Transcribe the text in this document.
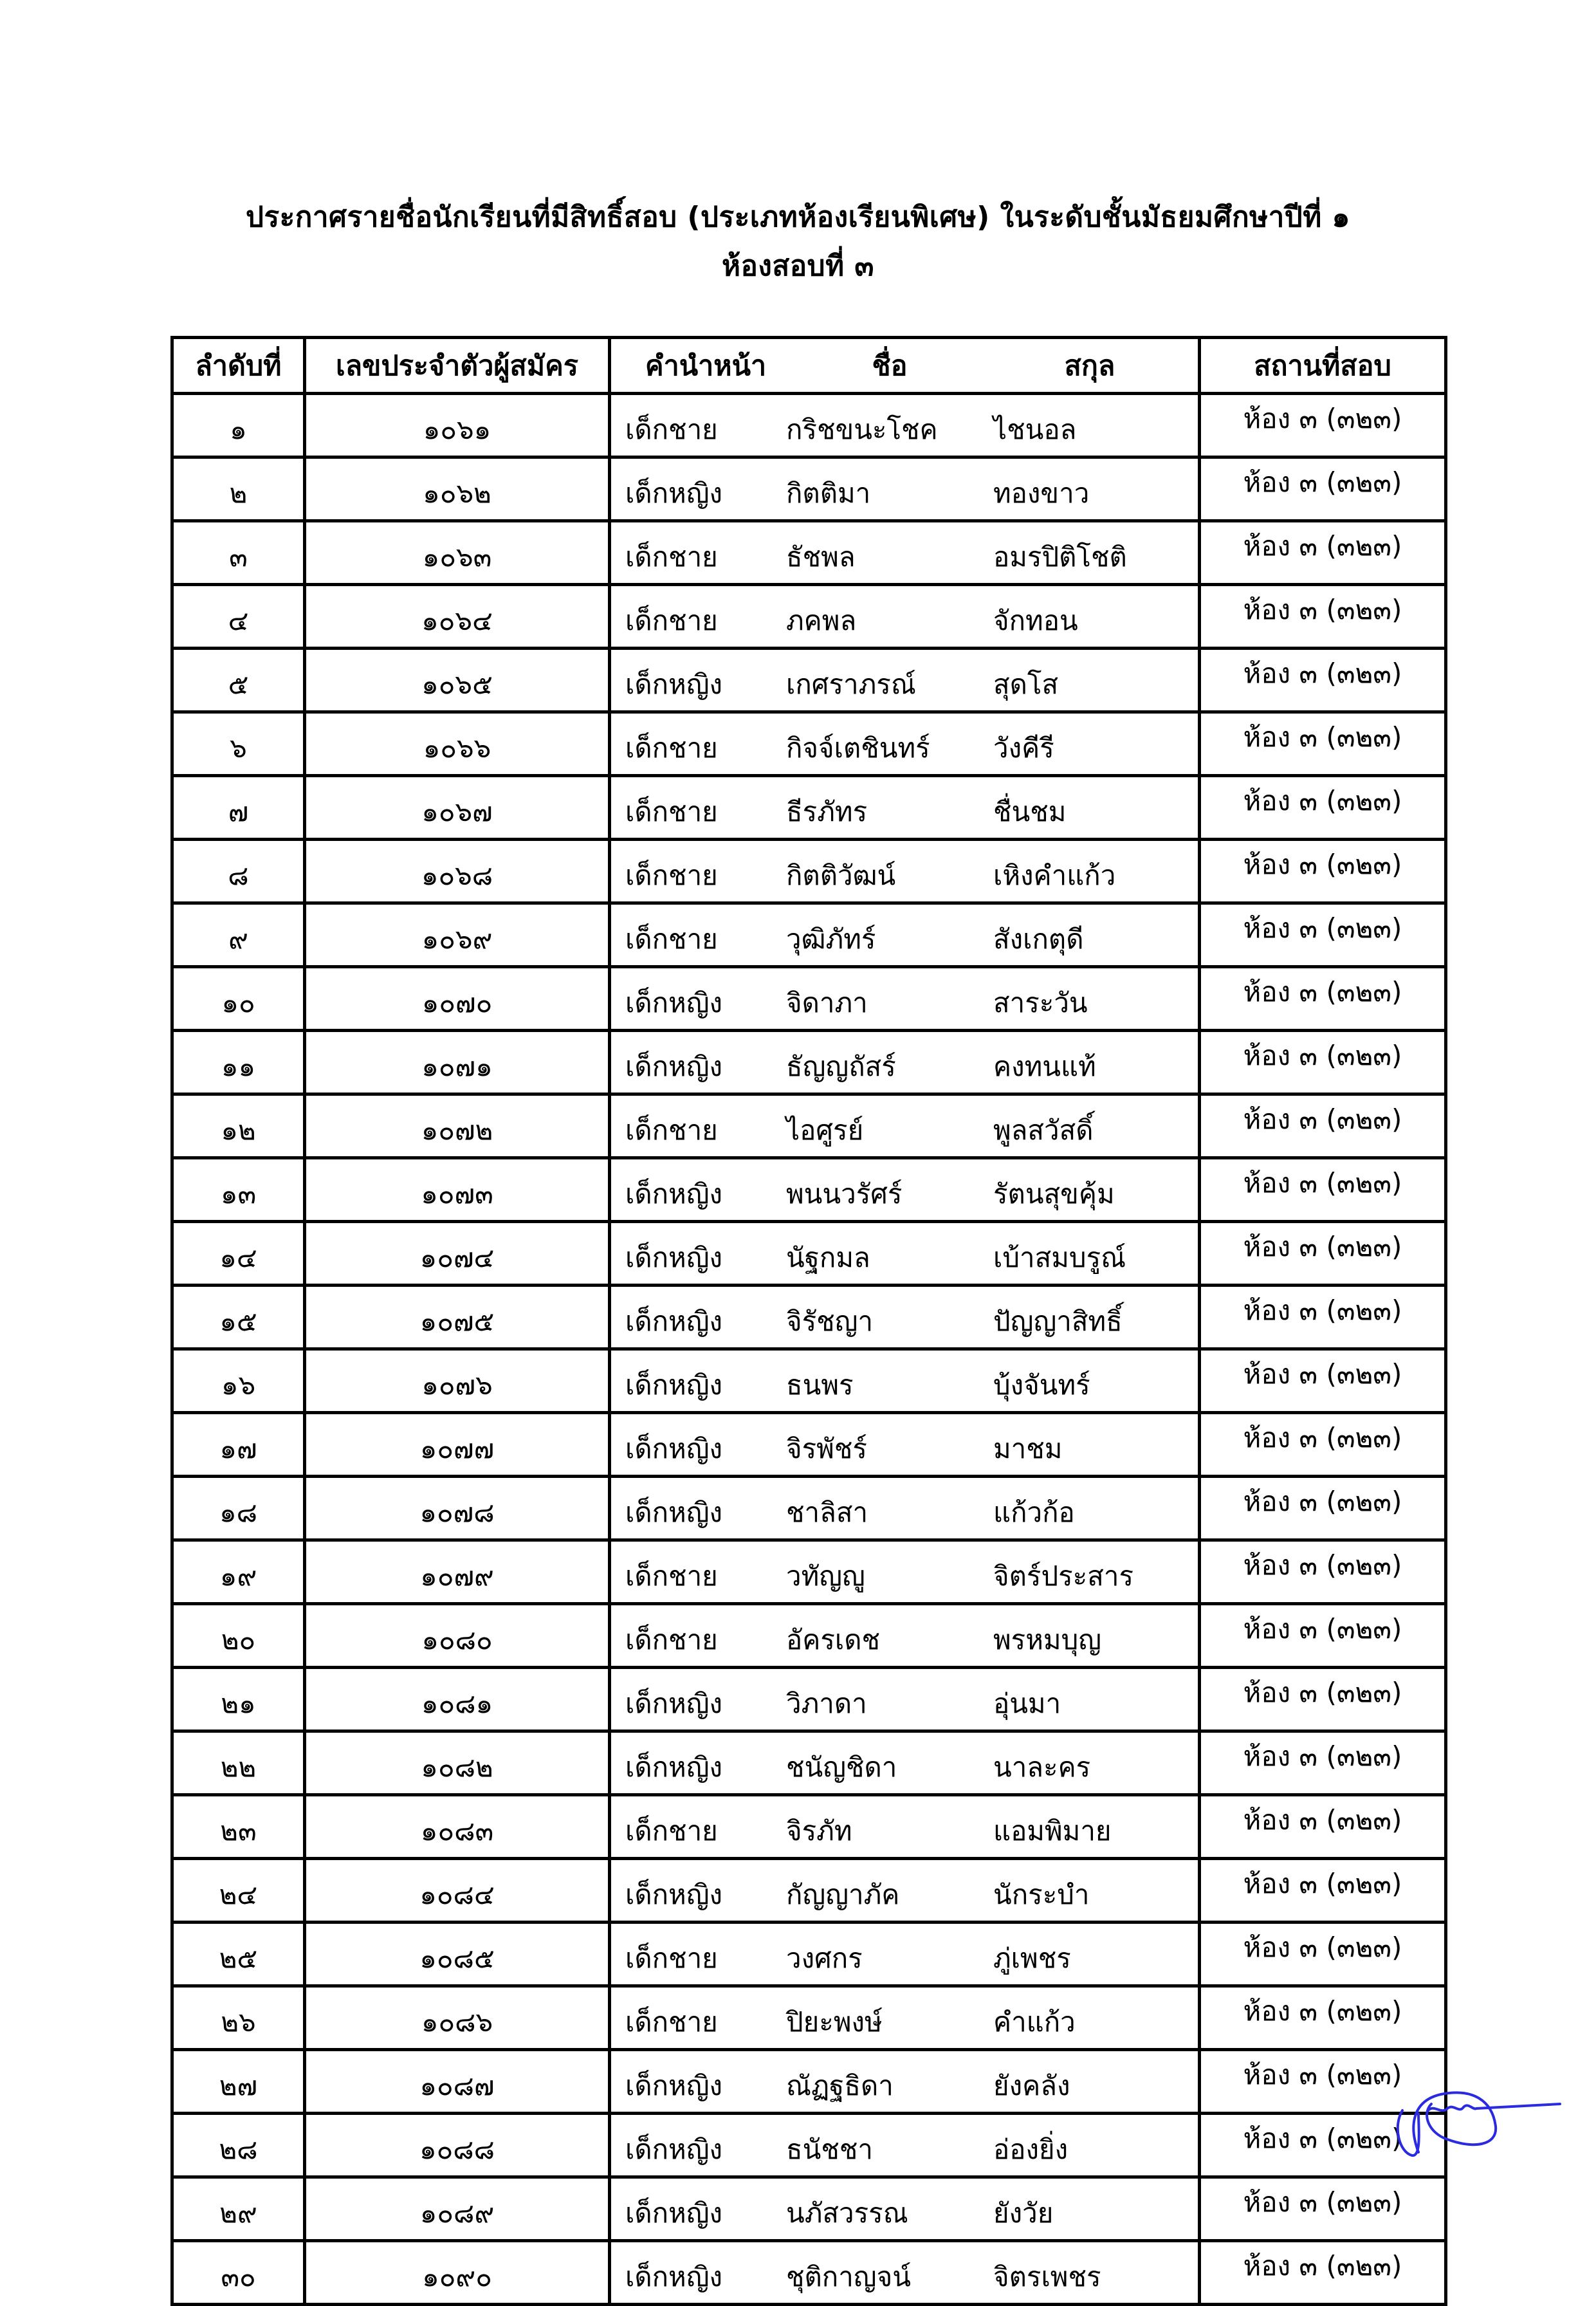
ประกาศรายชื่อนักเรียนที่มีสิทธิ์สอบ (ประเภทห้องเรียนพิเศษ) ในระดับชั้นมัธยมศึกษาปีที่ ๑
ห้องสอบที่ ๓
ลำดับที่	เลขประจำตัวผู้สมัคร	คำนำหน้า ชื่อ สกุล	สถานที่สอบ
๑	๑๐๖๑	เด็กชาย กริชขนะโชค ไชนอล	ห้อง ๓ (๓๒๓)
๒	๑๐๖๒	เด็กหญิง กิตติมา ทองขาว	ห้อง ๓ (๓๒๓)
๓	๑๐๖๓	เด็กชาย ธัชพล อมรปิติโชติ	ห้อง ๓ (๓๒๓)
๔	๑๐๖๔	เด็กชาย ภคพล จักทอน	ห้อง ๓ (๓๒๓)
๕	๑๐๖๕	เด็กหญิง เกศราภรณ์ สุดโส	ห้อง ๓ (๓๒๓)
๖	๑๐๖๖	เด็กชาย กิจจ์เตชินทร์ วังคีรี	ห้อง ๓ (๓๒๓)
๗	๑๐๖๗	เด็กชาย ธีรภัทร ชื่นชม	ห้อง ๓ (๓๒๓)
๘	๑๐๖๘	เด็กชาย กิตติวัฒน์ เหิงคำแก้ว	ห้อง ๓ (๓๒๓)
๙	๑๐๖๙	เด็กชาย วุฒิภัทร์ สังเกตุดี	ห้อง ๓ (๓๒๓)
๑๐	๑๐๗๐	เด็กหญิง จิดาภา สาระวัน	ห้อง ๓ (๓๒๓)
๑๑	๑๐๗๑	เด็กหญิง ธัญญถัสร์ คงทนแท้	ห้อง ๓ (๓๒๓)
๑๒	๑๐๗๒	เด็กชาย ไอศูรย์ พูลสวัสดิ์	ห้อง ๓ (๓๒๓)
๑๓	๑๐๗๓	เด็กหญิง พนนวรัศร์ รัตนสุขคุ้ม	ห้อง ๓ (๓๒๓)
๑๔	๑๐๗๔	เด็กหญิง นัฐกมล เบ้าสมบรูณ์	ห้อง ๓ (๓๒๓)
๑๕	๑๐๗๕	เด็กหญิง จิรัชญา ปัญญาสิทธิ์	ห้อง ๓ (๓๒๓)
๑๖	๑๐๗๖	เด็กหญิง ธนพร บุ้งจันทร์	ห้อง ๓ (๓๒๓)
๑๗	๑๐๗๗	เด็กหญิง จิรพัชร์ มาชม	ห้อง ๓ (๓๒๓)
๑๘	๑๐๗๘	เด็กหญิง ชาลิสา แก้วก้อ	ห้อง ๓ (๓๒๓)
๑๙	๑๐๗๙	เด็กชาย วทัญญู จิตร์ประสาร	ห้อง ๓ (๓๒๓)
๒๐	๑๐๘๐	เด็กชาย อัครเดช พรหมบุญ	ห้อง ๓ (๓๒๓)
๒๑	๑๐๘๑	เด็กหญิง วิภาดา อุ่นมา	ห้อง ๓ (๓๒๓)
๒๒	๑๐๘๒	เด็กหญิง ชนัญชิดา นาละคร	ห้อง ๓ (๓๒๓)
๒๓	๑๐๘๓	เด็กชาย จิรภัท แอมพิมาย	ห้อง ๓ (๓๒๓)
๒๔	๑๐๘๔	เด็กหญิง กัญญาภัค นักระบำ	ห้อง ๓ (๓๒๓)
๒๕	๑๐๘๕	เด็กชาย วงศกร ภู่เพชร	ห้อง ๓ (๓๒๓)
๒๖	๑๐๘๖	เด็กชาย ปิยะพงษ์ คำแก้ว	ห้อง ๓ (๓๒๓)
๒๗	๑๐๘๗	เด็กหญิง ณัฏฐธิดา ยังคลัง	ห้อง ๓ (๓๒๓)
๒๘	๑๐๘๘	เด็กหญิง ธนัชชา อ่องยิ่ง	ห้อง ๓ (๓๒๓)
๒๙	๑๐๘๙	เด็กหญิง นภัสวรรณ ยังวัย	ห้อง ๓ (๓๒๓)
๓๐	๑๐๙๐	เด็กหญิง ชุติกาญจน์ จิตรเพชร	ห้อง ๓ (๓๒๓)
